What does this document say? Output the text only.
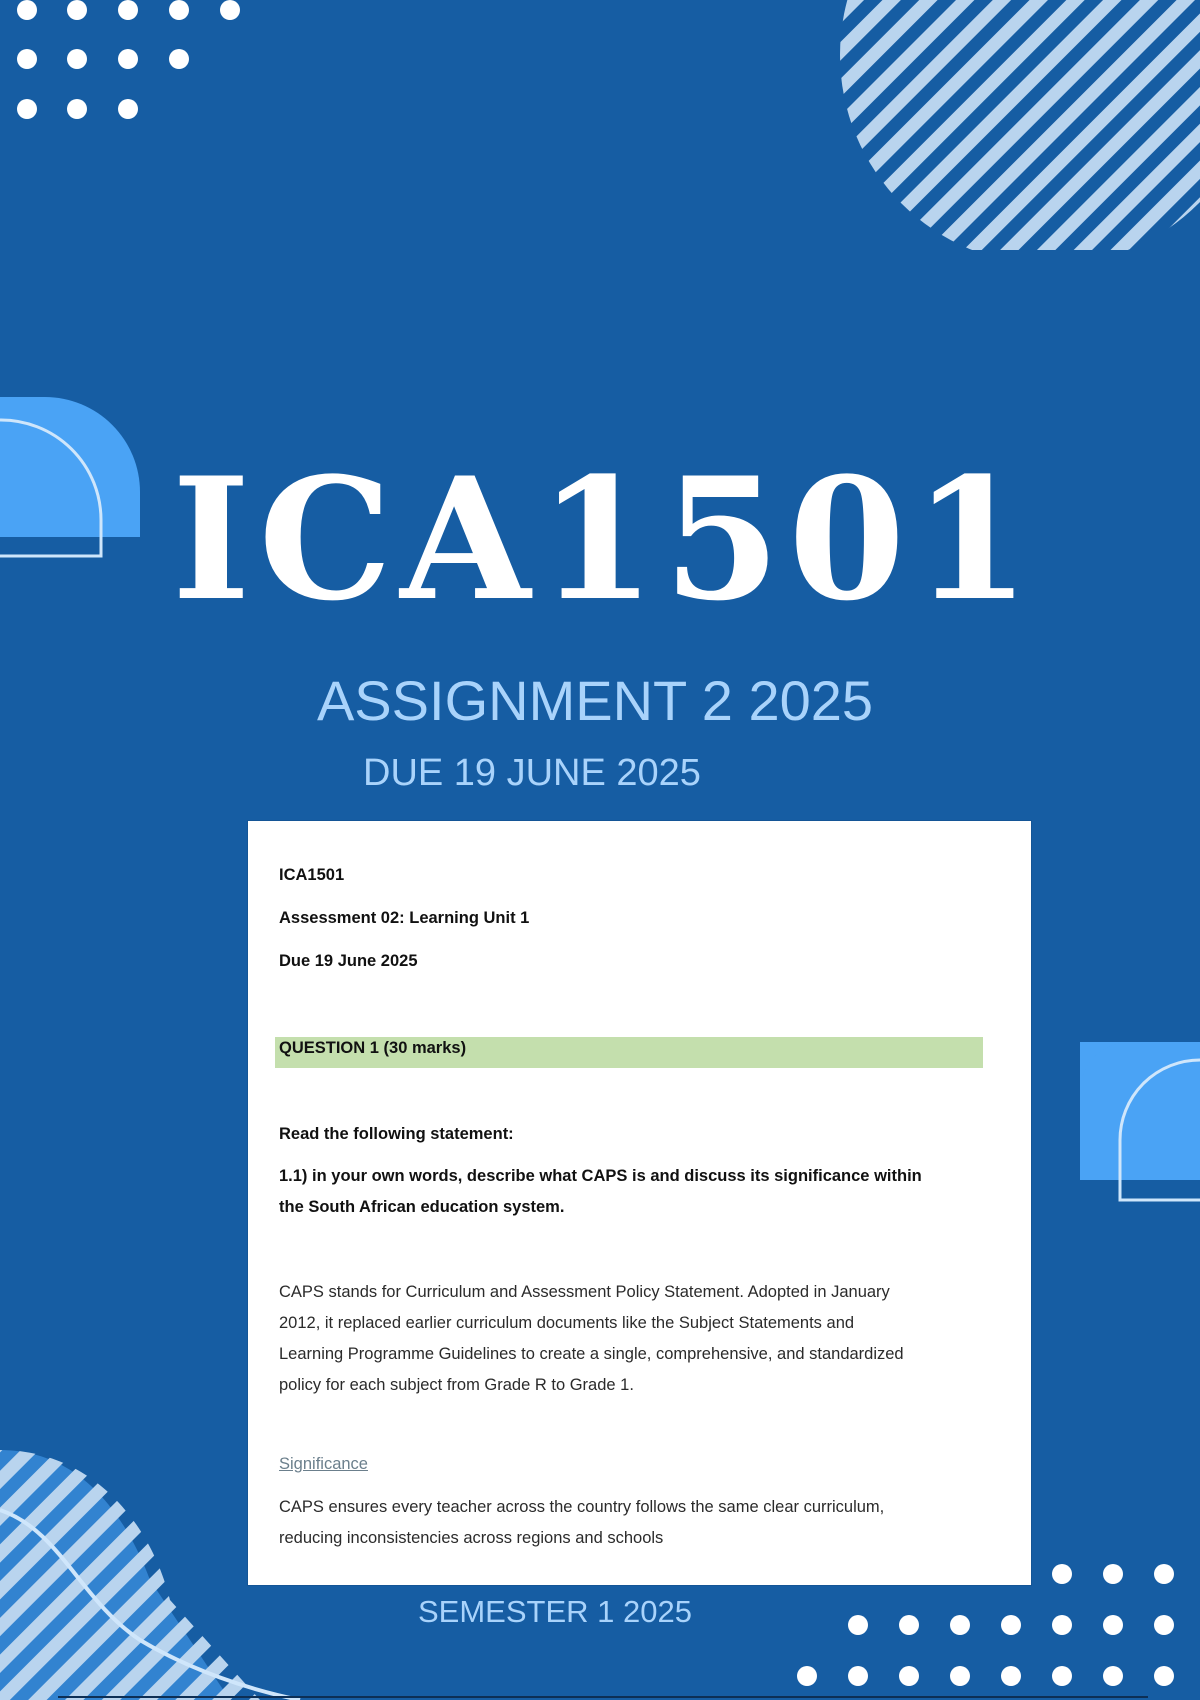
ICA1501
ASSIGNMENT 2 2025
DUE 19 JUNE 2025

ICA1501

Assessment 02: Learning Unit 1

Due 19 June 2025

QUESTION 1 (30 marks)

Read the following statement:

1.1) in your own words, describe what CAPS is and discuss its significance within

the South African education system.

CAPS stands for Curriculum and Assessment Policy Statement. Adopted in January

2012, it replaced earlier curriculum documents like the Subject Statements and

Learning Programme Guidelines to create a single, comprehensive, and standardized

policy for each subject from Grade R to Grade 1.

Significance

CAPS ensures every teacher across the country follows the same clear curriculum,

reducing inconsistencies across regions and schools

SEMESTER 1 2025
